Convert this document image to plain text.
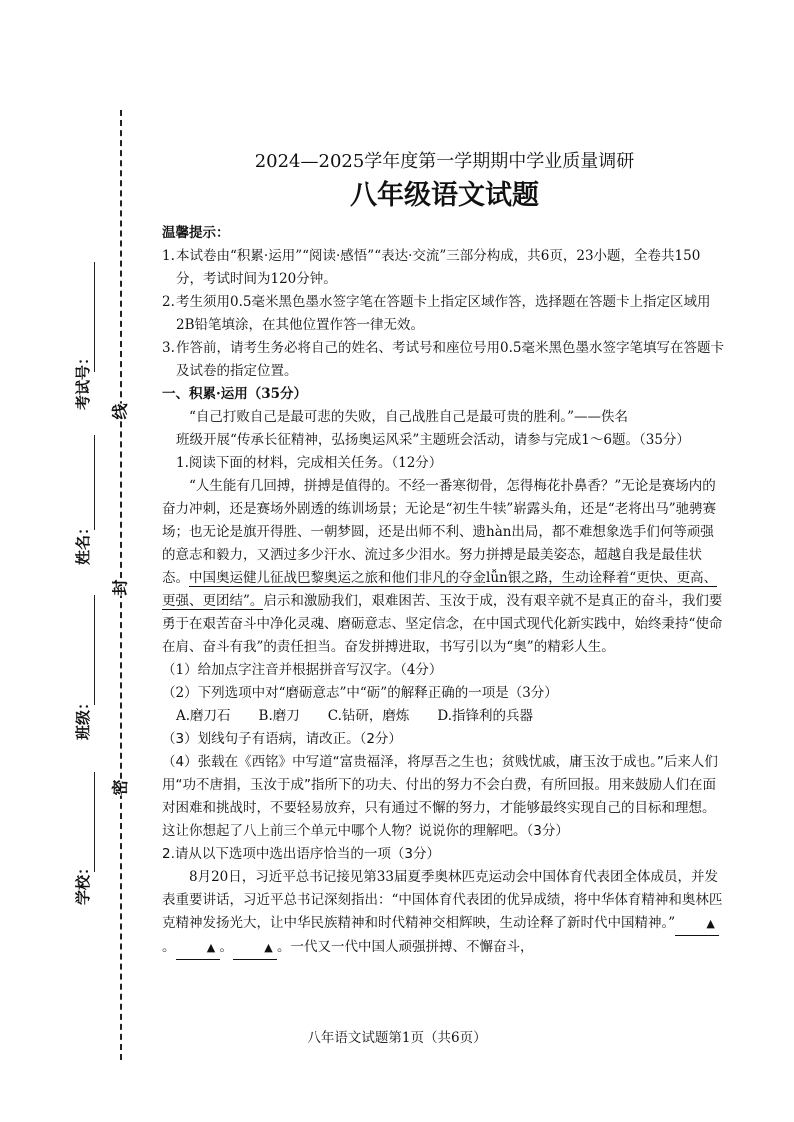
考试号：
姓名：
班级：
学校：
线
封
密
2024—2025学年度第一学期期中学业质量调研
八年级语文试题

温馨提示：

1.本试卷由“积累·运用”“阅读·感悟”“表达·交流”三部分构成，共6页，23小题，全卷共150分，考试时间为120分钟。

2.考生须用0.5毫米黑色墨水签字笔在答题卡上指定区域作答，选择题在答题卡上指定区域用2B铅笔填涂，在其他位置作答一律无效。

3.作答前，请考生务必将自己的姓名、考试号和座位号用0.5毫米黑色墨水签字笔填写在答题卡及试卷的指定位置。

一、积累·运用（35分）

“自己打败自己是最可悲的失败，自己战胜自己是最可贵的胜利。”——佚名

班级开展“传承长征精神，弘扬奥运风采”主题班会活动，请参与完成1～6题。（35分）

1.阅读下面的材料，完成相关任务。（12分）

“人生能有几回搏，拼搏是值得的。不经一番寒彻骨，怎得梅花扑鼻香？”无论是赛场内的奋力冲刺，还是赛场外剧透的练训场景；无论是“初生牛犊”崭露头角，还是“老将出马”驰骋赛场；也无论是旗开得胜、一朝梦圆，还是出师不利、遗hàn出局，都不难想象选手们何等顽强的意志和毅力，又洒过多少汗水、流过多少泪水。努力拼搏是最美姿态，超越自我是最佳状态。中国奥运健儿征战巴黎奥运之旅和他们非凡的夺金lǚn银之路，生动诠释着“更快、更高、更强、更团结”。启示和激励我们，艰难困苦、玉汝于成，没有艰辛就不是真正的奋斗，我们要勇于在艰苦奋斗中净化灵魂、磨砺意志、坚定信念，在中国式现代化新实践中，始终秉持“使命在肩、奋斗有我”的责任担当。奋发拼搏进取，书写引以为“奥”的精彩人生。

（1）给加点字注音并根据拼音写汉字。（4分）

（2）下列选项中对“磨砺意志”中“砺”的解释正确的一项是（3分）

A.磨刀石 B.磨刀 C.钻研，磨炼 D.指锋利的兵器

（3）划线句子有语病，请改正。（2分）

（4）张载在《西铭》中写道“富贵福泽，将厚吾之生也；贫贱忧戚，庸玉汝于成也。”后来人们用“功不唐捐，玉汝于成”指所下的功夫、付出的努力不会白费，有所回报。用来鼓励人们在面对困难和挑战时，不要轻易放弃，只有通过不懈的努力，才能够最终实现自己的目标和理想。这让你想起了八上前三个单元中哪个人物？说说你的理解吧。（3分）

2.请从以下选项中选出语序恰当的一项（3分）

8月20日，习近平总书记接见第33届夏季奥林匹克运动会中国体育代表团全体成员，并发表重要讲话，习近平总书记深刻指出：“中国体育代表团的优异成绩，将中华体育精神和奥林匹克精神发扬光大，让中华民族精神和时代精神交相辉映，生动诠释了新时代中国精神。”	▲。	▲ 。	▲ 。一代又一代中国人顽强拼搏、不懈奋斗，

八年语文试题第1页（共6页）
